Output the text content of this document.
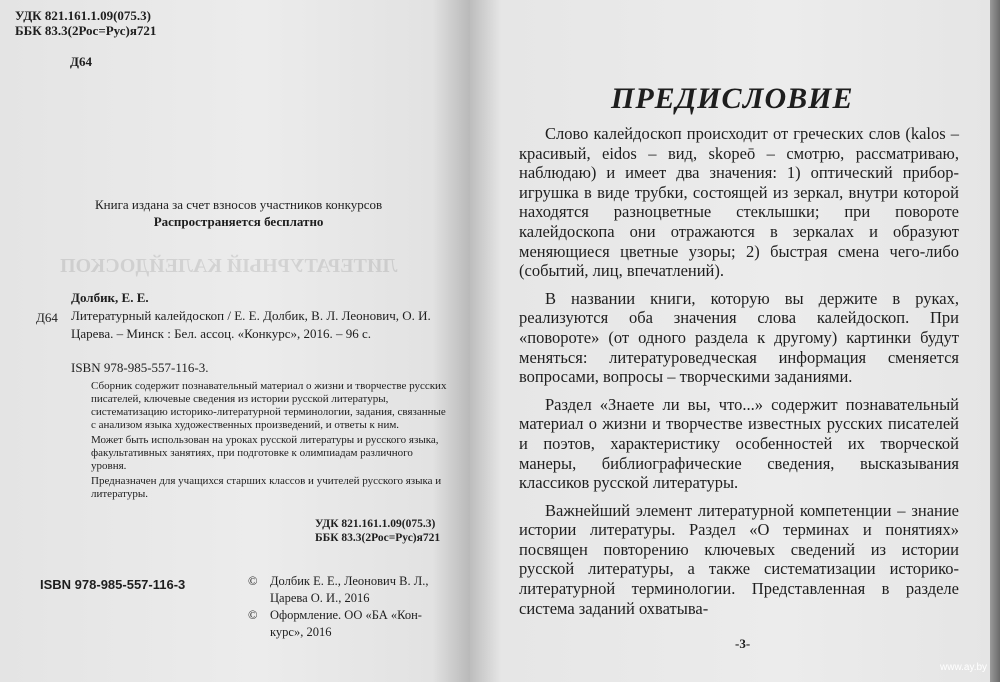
УДК 821.161.1.09(075.3)
ББК 83.3(2Рос=Рус)я721
Д64
ЛИТЕРАТУРНЫЙ КАЛЕЙДОСКОП
Книга издана за счет взносов участников конкурсов
Распространяется бесплатно
Д64
Долбик, Е. Е.
Литературный калейдоскоп / Е. Е. Долбик, В. Л. Леонович, О. И. Царева. – Минск : Бел. ассоц. «Конкурс», 2016. – 96 с.
ISBN 978-985-557-116-3.

Сборник содержит познавательный материал о жизни и творчестве русских писателей, ключевые сведения из истории русской литературы, систематизацию историко-литературной терминологии, задания, связанные с анализом языка художественных произведений, и ответы к ним.

Может быть использован на уроках русской литературы и русского языка, факультативных занятиях, при подготовке к олимпиадам различного уровня.

Предназначен для учащихся старших классов и учителей русского языка и литературы.

УДК 821.161.1.09(075.3)
ББК 83.3(2Рос=Рус)я721
ISBN 978-985-557-116-3	©	Долбик Е. Е., Леонович В. Л.,
Царева О. И., 2016
©	Оформление. ОО «БА «Кон-
курс», 2016
ПРЕДИСЛОВИЕ

Слово калейдоскоп происходит от греческих слов (kalos – красивый, eidos – вид, skopeō – смотрю, рассматриваю, наблюдаю) и имеет два значения: 1) оптический прибор-игрушка в виде трубки, состоящей из зеркал, внутри которой находятся разноцветные стеклышки; при повороте калейдоскопа они отражаются в зеркалах и образуют меняющиеся цветные узоры; 2) быстрая смена чего-либо (событий, лиц, впечатлений).

В названии книги, которую вы держите в руках, реализуются оба значения слова калейдоскоп. При «повороте» (от одного раздела к другому) картинки будут меняться: литературоведческая информация сменяется вопросами, вопросы – творческими заданиями.

Раздел «Знаете ли вы, что...» содержит познавательный материал о жизни и творчестве известных русских писателей и поэтов, характеристику особенностей их творческой манеры, библиографические сведения, высказывания классиков русской литературы.

Важнейший элемент литературной компетенции – знание истории литературы. Раздел «О терминах и понятиях» посвящен повторению ключевых сведений из истории русской литературы, а также систематизации историко-литературной терминологии. Представленная в разделе система заданий охватыва-

-3-
www.ay.by
